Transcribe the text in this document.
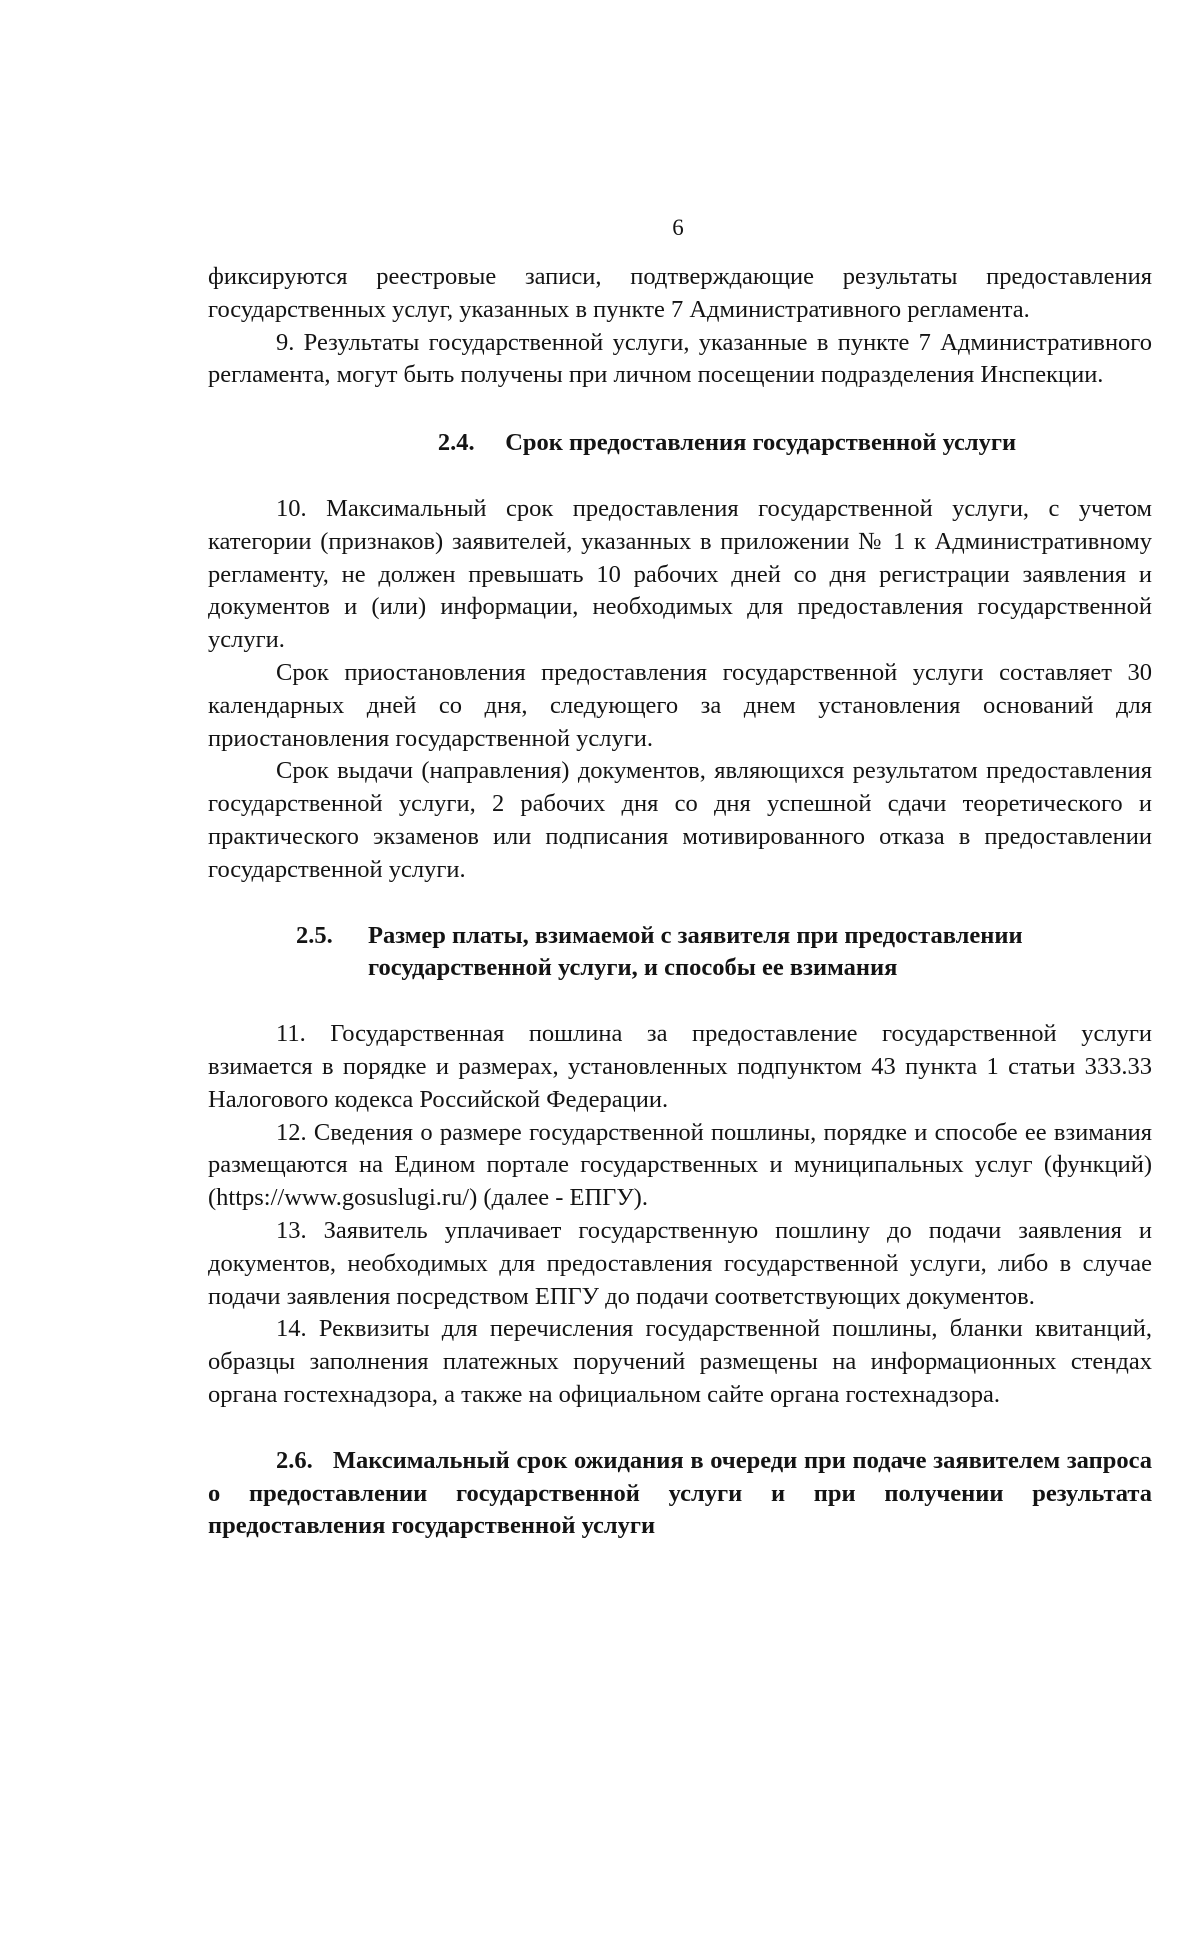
6

фиксируются реестровые записи, подтверждающие результаты предоставления государственных услуг, указанных в пункте 7 Административного регламента.

9. Результаты государственной услуги, указанные в пункте 7 Административного регламента, могут быть получены при личном посещении подразделения Инспекции.

2.4. Срок предоставления государственной услуги

10. Максимальный срок предоставления государственной услуги, с учетом категории (признаков) заявителей, указанных в приложении № 1 к Административному регламенту, не должен превышать 10 рабочих дней со дня регистрации заявления и документов и (или) информации, необходимых для предоставления государственной услуги.

Срок приостановления предоставления государственной услуги составляет 30 календарных дней со дня, следующего за днем установления оснований для приостановления государственной услуги.

Срок выдачи (направления) документов, являющихся результатом предоставления государственной услуги, 2 рабочих дня со дня успешной сдачи теоретического и практического экзаменов или подписания мотивированного отказа в предоставлении государственной услуги.

2.5.	Размер платы, взимаемой с заявителя при предоставлении государственной услуги, и способы ее взимания

11. Государственная пошлина за предоставление государственной услуги взимается в порядке и размерах, установленных подпунктом 43 пункта 1 статьи 333.33 Налогового кодекса Российской Федерации.

12. Сведения о размере государственной пошлины, порядке и способе ее взимания размещаются на Едином портале государственных и муниципальных услуг (функций) (https://www.gosuslugi.ru/) (далее - ЕПГУ).

13. Заявитель уплачивает государственную пошлину до подачи заявления и документов, необходимых для предоставления государственной услуги, либо в случае подачи заявления посредством ЕПГУ до подачи соответствующих документов.

14. Реквизиты для перечисления государственной пошлины, бланки квитанций, образцы заполнения платежных поручений размещены на информационных стендах органа гостехнадзора, а также на официальном сайте органа гостехнадзора.

2.6.   Максимальный срок ожидания в очереди при подаче заявителем запроса о предоставлении государственной услуги и при получении результата предоставления государственной услуги
